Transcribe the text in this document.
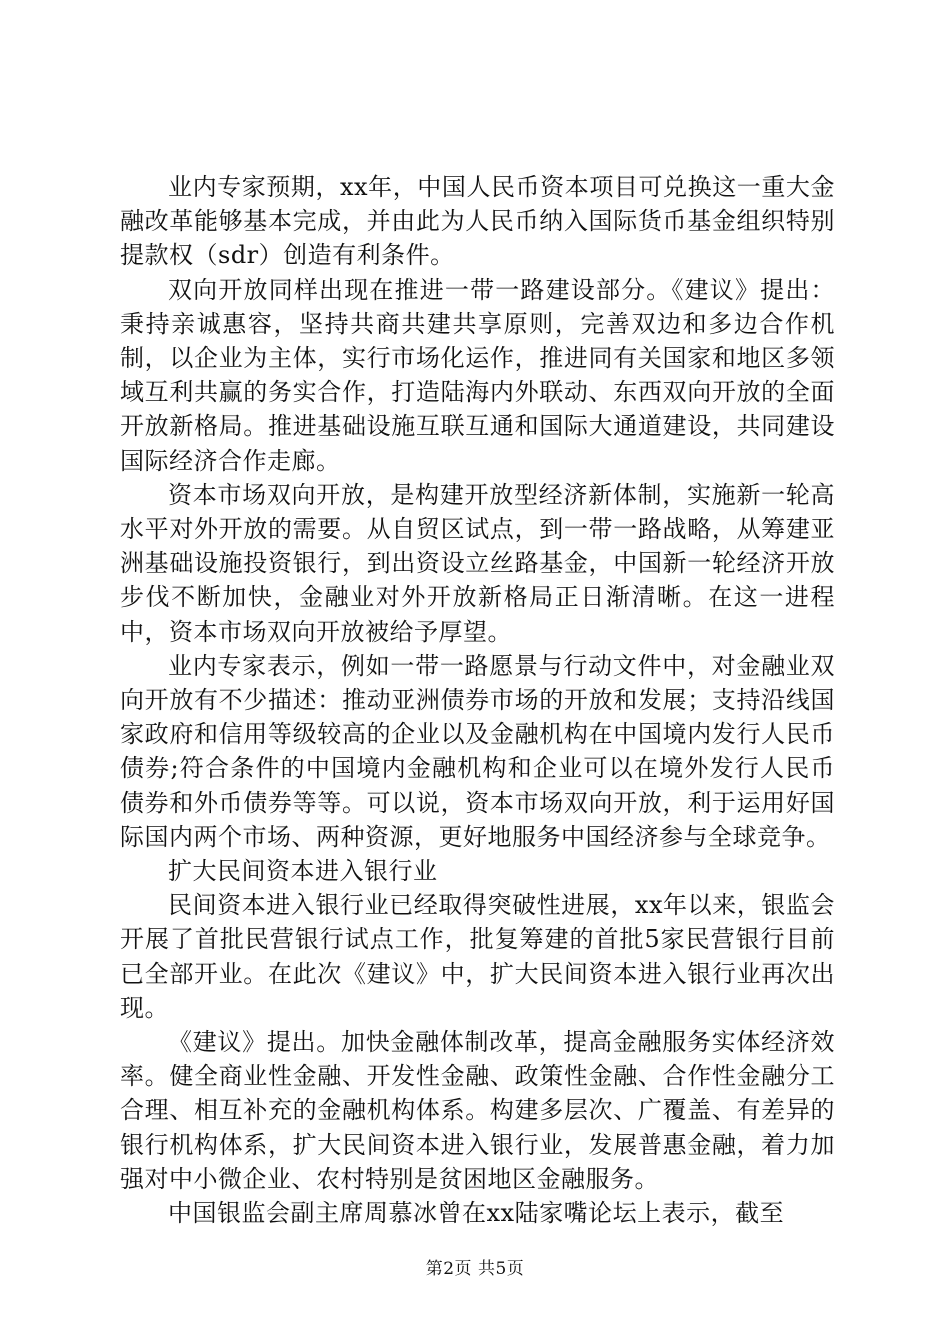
业内专家预期，xx年，中国人民币资本项目可兑换这一重大金融改革能够基本完成，并由此为人民币纳入国际货币基金组织特别提款权（sdr）创造有利条件。

双向开放同样出现在推进一带一路建设部分。《建议》提出：秉持亲诚惠容，坚持共商共建共享原则，完善双边和多边合作机制，以企业为主体，实行市场化运作，推进同有关国家和地区多领域互利共赢的务实合作，打造陆海内外联动、东西双向开放的全面开放新格局。推进基础设施互联互通和国际大通道建设，共同建设国际经济合作走廊。

资本市场双向开放，是构建开放型经济新体制，实施新一轮高水平对外开放的需要。从自贸区试点，到一带一路战略，从筹建亚洲基础设施投资银行，到出资设立丝路基金，中国新一轮经济开放步伐不断加快，金融业对外开放新格局正日渐清晰。在这一进程中，资本市场双向开放被给予厚望。

业内专家表示，例如一带一路愿景与行动文件中，对金融业双向开放有不少描述：推动亚洲债券市场的开放和发展；支持沿线国家政府和信用等级较高的企业以及金融机构在中国境内发行人民币债券;符合条件的中国境内金融机构和企业可以在境外发行人民币债券和外币债券等等。可以说，资本市场双向开放，利于运用好国际国内两个市场、两种资源，更好地服务中国经济参与全球竞争。

扩大民间资本进入银行业

民间资本进入银行业已经取得突破性进展，xx年以来，银监会开展了首批民营银行试点工作，批复筹建的首批5家民营银行目前已全部开业。在此次《建议》中，扩大民间资本进入银行业再次出现。

《建议》提出。加快金融体制改革，提高金融服务实体经济效率。健全商业性金融、开发性金融、政策性金融、合作性金融分工合理、相互补充的金融机构体系。构建多层次、广覆盖、有差异的银行机构体系，扩大民间资本进入银行业，发展普惠金融，着力加强对中小微企业、农村特别是贫困地区金融服务。

中国银监会副主席周慕冰曾在xx陆家嘴论坛上表示，截至

第2页 共5页
